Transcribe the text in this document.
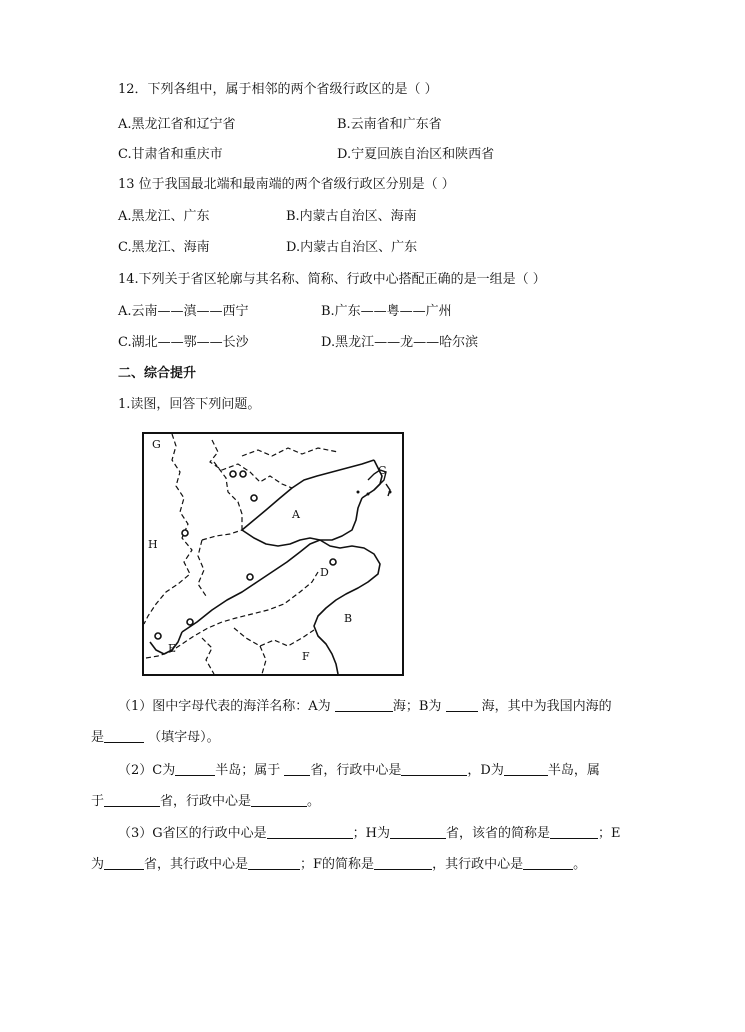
12．下列各组中，属于相邻的两个省级行政区的是（ ）
A.黑龙江省和辽宁省	B.云南省和广东省
C.甘肃省和重庆市	D.宁夏回族自治区和陕西省
13 位于我国最北端和最南端的两个省级行政区分别是（ ）
A.黑龙江、广东	B.内蒙古自治区、海南
C.黑龙江、海南	D.内蒙古自治区、广东
14.下列关于省区轮廓与其名称、简称、行政中心搭配正确的是一组是（ ）
A.云南——滇——西宁	B.广东——粤——广州
C.湖北——鄂——长沙	D.黑龙江——龙——哈尔滨
二、综合提升
1.读图，回答下列问题。
G
H
A
C
D
B
E
F
（1）图中字母代表的海洋名称：A为	海；B为	海，其中为我国内海的
是	（填字母）。
（2）C为	半岛；属于 省，行政中心是	，D为	半岛，属
于	省，行政中心是	。
（3）G省区的行政中心是	；H为	省，该省的简称是	；E
为	省，其行政中心是	；F的简称是	，其行政中心是	。
